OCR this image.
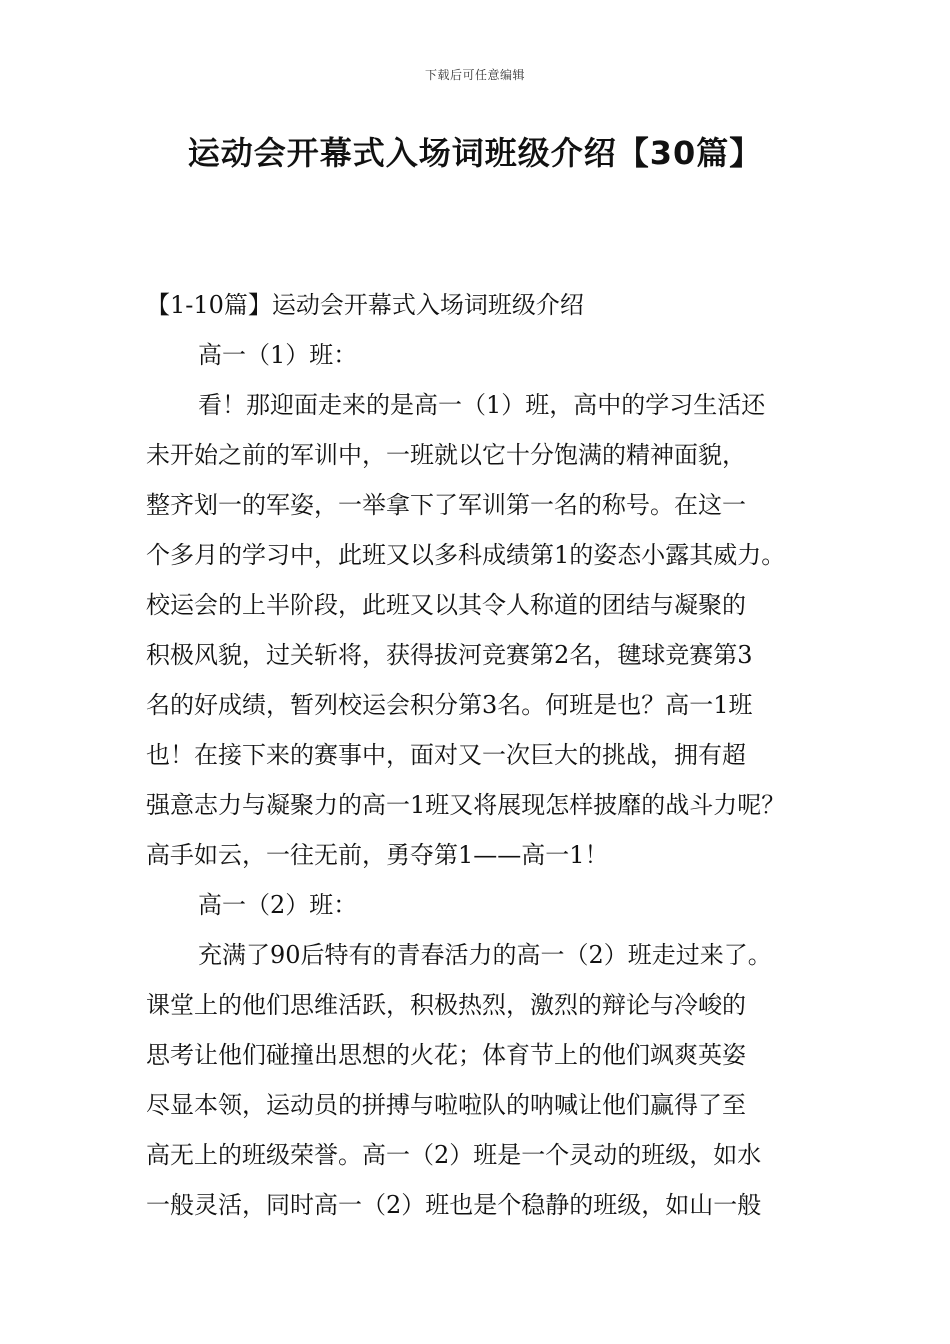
下载后可任意编辑
运动会开幕式入场词班级介绍【30篇】
【1-10篇】运动会开幕式入场词班级介绍
高一（1）班：
看！那迎面走来的是高一（1）班，高中的学习生活还
未开始之前的军训中，一班就以它十分饱满的精神面貌，
整齐划一的军姿，一举拿下了军训第一名的称号。在这一
个多月的学习中，此班又以多科成绩第1的姿态小露其威力。
校运会的上半阶段，此班又以其令人称道的团结与凝聚的
积极风貌，过关斩将，获得拔河竞赛第2名，毽球竞赛第3
名的好成绩，暂列校运会积分第3名。何班是也？高一1班
也！在接下来的赛事中，面对又一次巨大的挑战，拥有超
强意志力与凝聚力的高一1班又将展现怎样披靡的战斗力呢？
高手如云，一往无前，勇夺第1——高一1！
高一（2）班：
充满了90后特有的青春活力的高一（2）班走过来了。
课堂上的他们思维活跃，积极热烈，激烈的辩论与冷峻的
思考让他们碰撞出思想的火花；体育节上的他们飒爽英姿
尽显本领，运动员的拼搏与啦啦队的呐喊让他们赢得了至
高无上的班级荣誉。高一（2）班是一个灵动的班级，如水
一般灵活，同时高一（2）班也是个稳静的班级，如山一般
